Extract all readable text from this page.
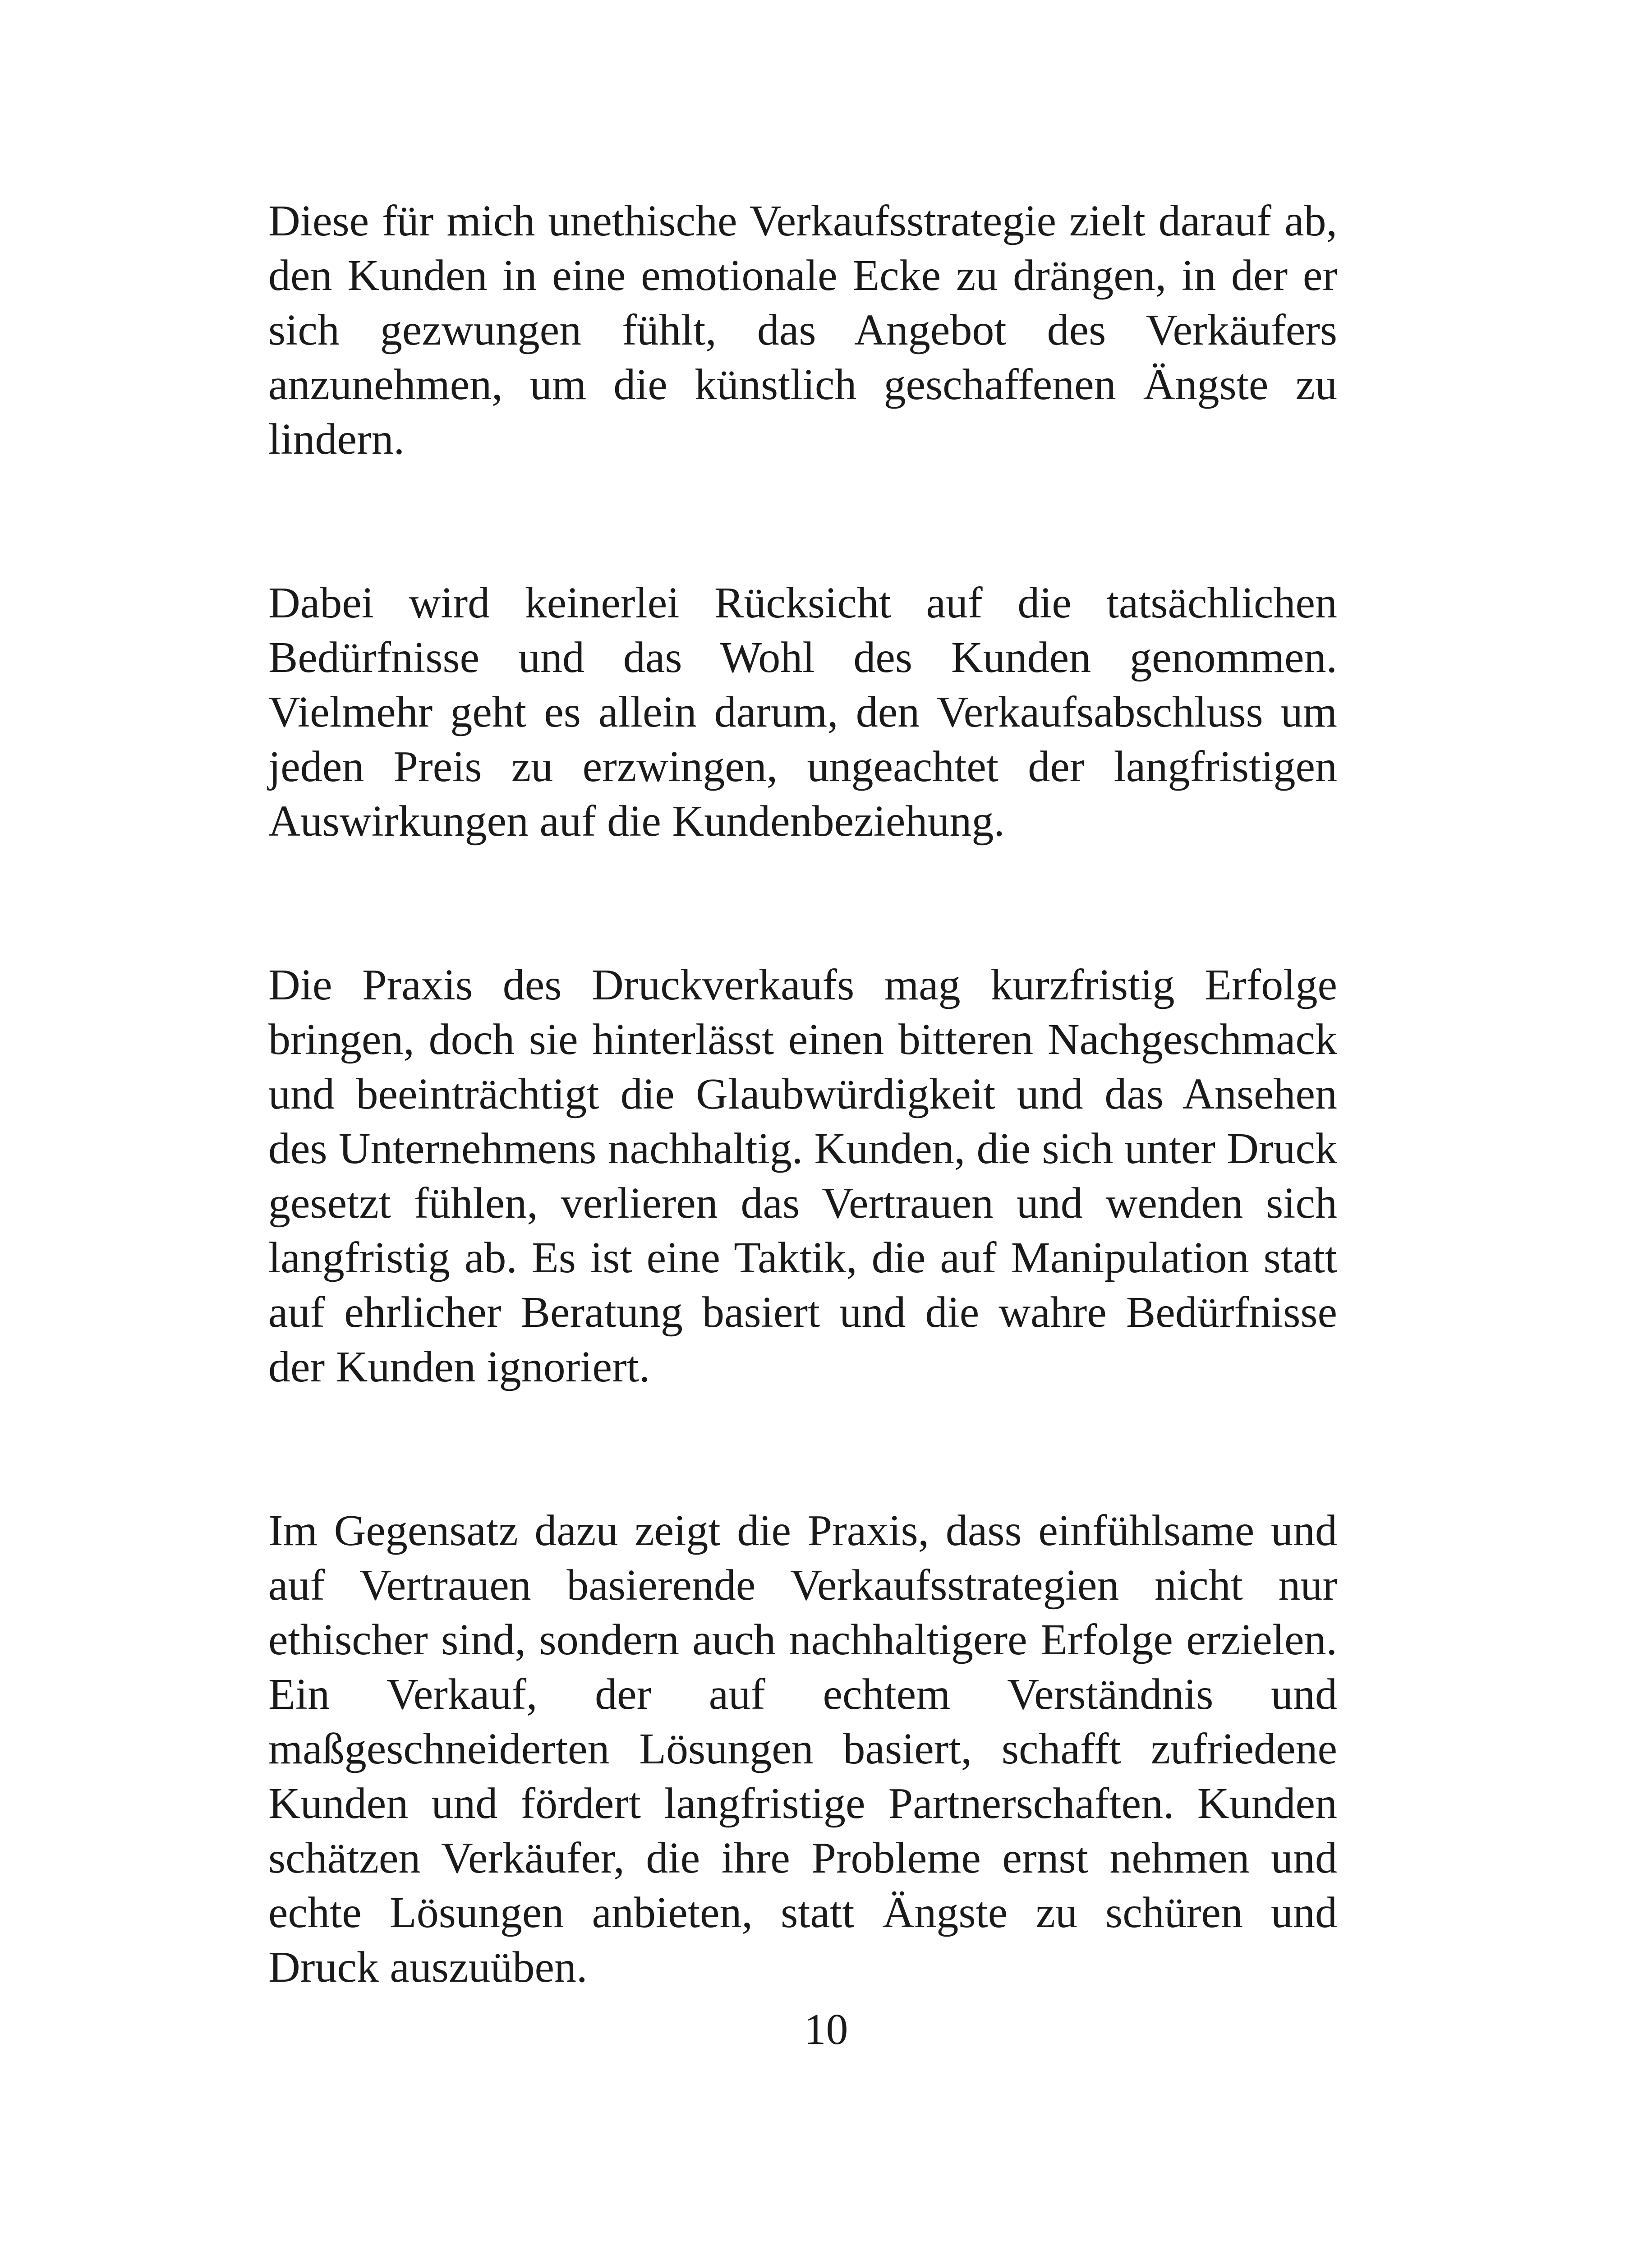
Diese für mich unethische Verkaufsstrategie zielt darauf ab, den Kunden in eine emotionale Ecke zu drängen, in der er sich gezwungen fühlt, das Angebot des Verkäufers anzunehmen, um die künstlich geschaffenen Ängste zu lindern.

Dabei wird keinerlei Rücksicht auf die tatsächlichen Bedürfnisse und das Wohl des Kunden genommen. Vielmehr geht es allein darum, den Verkaufsabschluss um jeden Preis zu erzwingen, ungeachtet der langfristigen Auswirkungen auf die Kundenbeziehung.

Die Praxis des Druckverkaufs mag kurzfristig Erfolge bringen, doch sie hinterlässt einen bitteren Nachgeschmack und beeinträchtigt die Glaubwürdigkeit und das Ansehen des Unternehmens nachhaltig. Kunden, die sich unter Druck gesetzt fühlen, verlieren das Vertrauen und wenden sich langfristig ab. Es ist eine Taktik, die auf Manipulation statt auf ehrlicher Beratung basiert und die wahre Bedürfnisse der Kunden ignoriert.

Im Gegensatz dazu zeigt die Praxis, dass einfühlsame und auf Vertrauen basierende Verkaufsstrategien nicht nur ethischer sind, sondern auch nachhaltigere Erfolge erzielen. Ein Verkauf, der auf echtem Verständnis und maßgeschneiderten Lösungen basiert, schafft zufriedene Kunden und fördert langfristige Partnerschaften. Kunden schätzen Verkäufer, die ihre Probleme ernst nehmen und echte Lösungen anbieten, statt Ängste zu schüren und Druck auszuüben.

10
